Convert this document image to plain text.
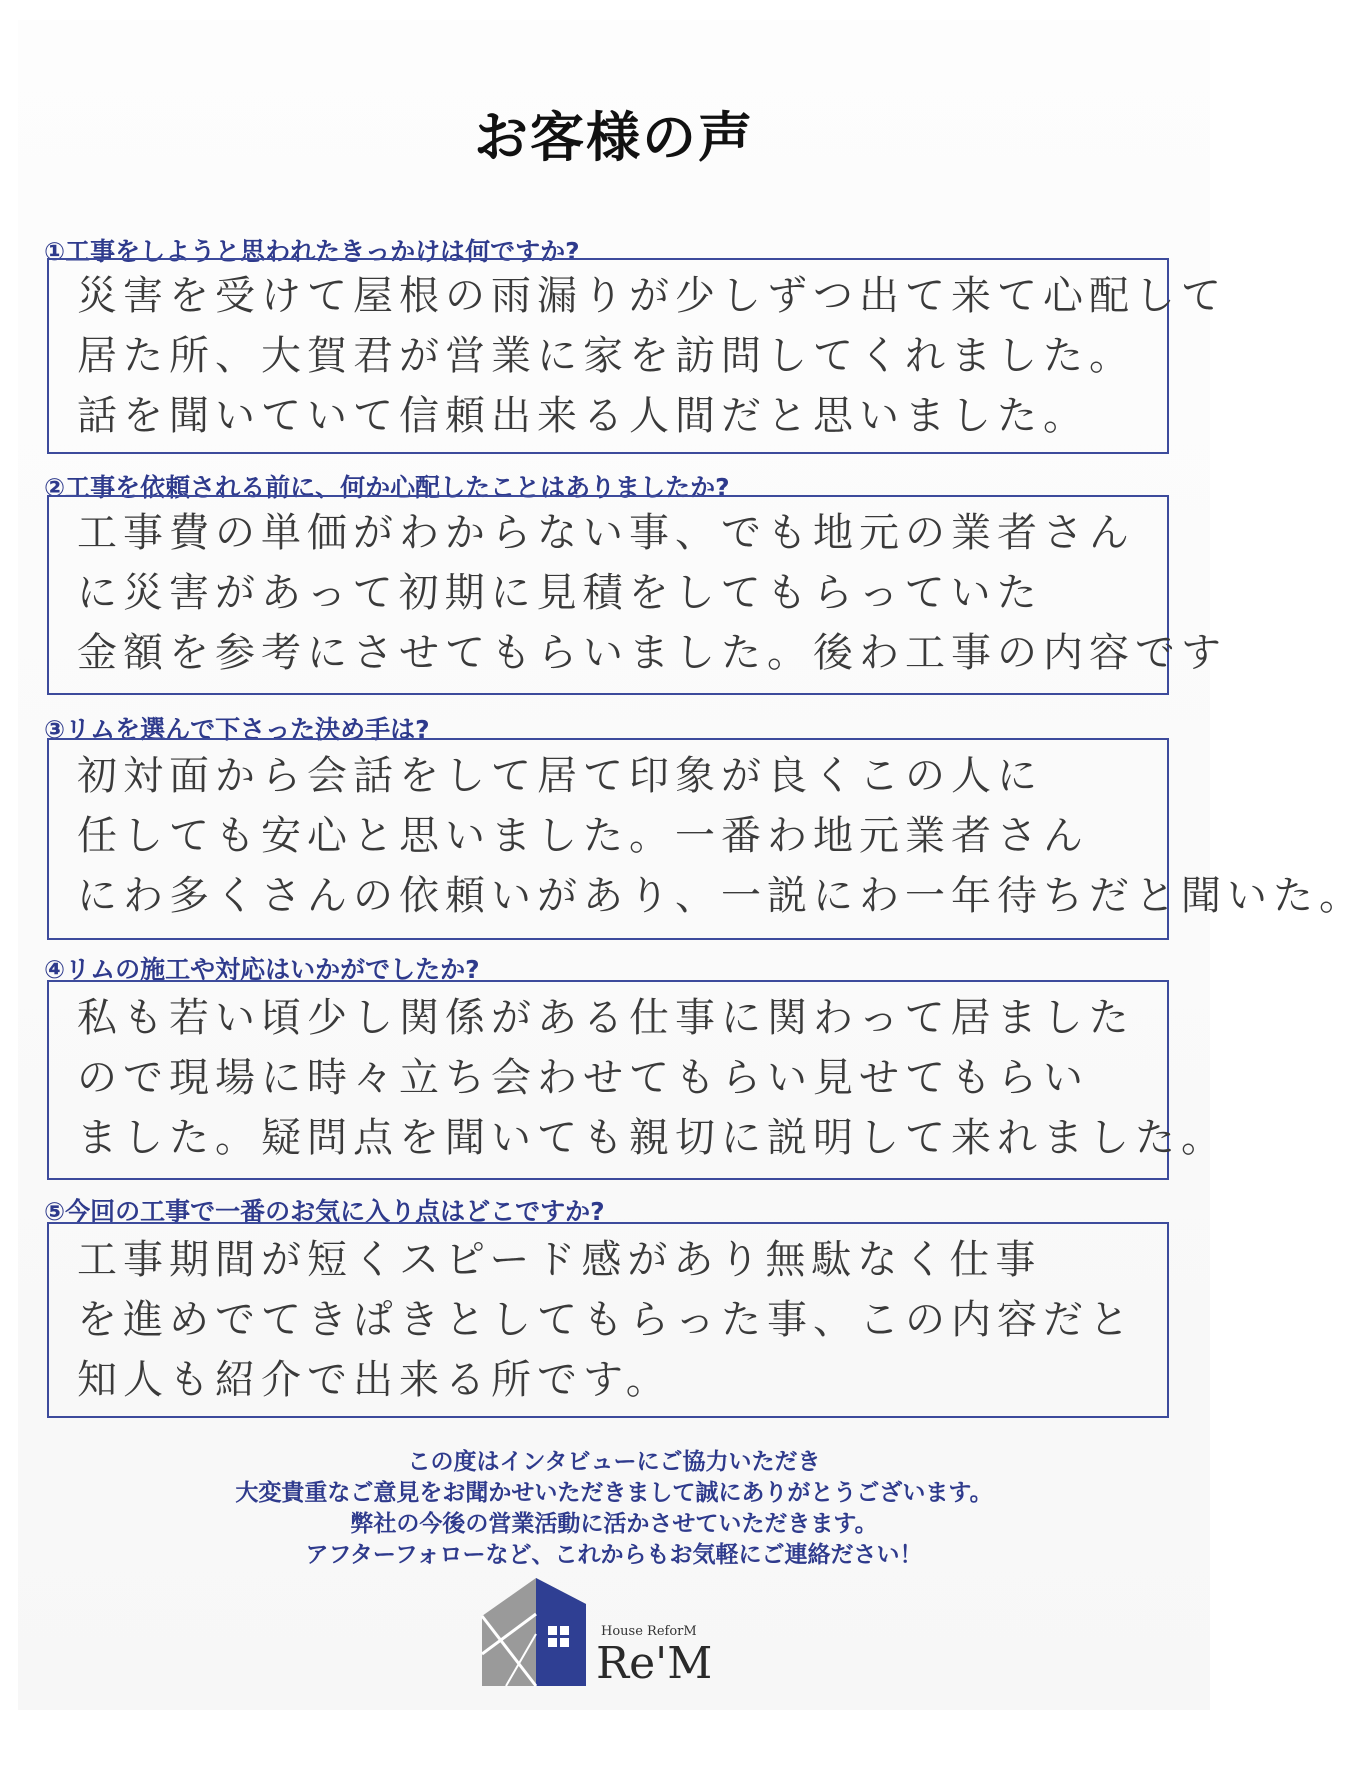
お客様の声
①工事をしようと思われたきっかけは何ですか?
災害を受けて屋根の雨漏りが少しずつ出て来て心配して
居た所、大賀君が営業に家を訪問してくれました。
話を聞いていて信頼出来る人間だと思いました。
②工事を依頼される前に、何か心配したことはありましたか?
工事費の単価がわからない事、でも地元の業者さん
に災害があって初期に見積をしてもらっていた
金額を参考にさせてもらいました。後わ工事の内容です
③リムを選んで下さった決め手は?
初対面から会話をして居て印象が良くこの人に
任しても安心と思いました。一番わ地元業者さん
にわ多くさんの依頼いがあり、一説にわ一年待ちだと聞いた。
④リムの施工や対応はいかがでしたか?
私も若い頃少し関係がある仕事に関わって居ました
ので現場に時々立ち会わせてもらい見せてもらい
ました。疑問点を聞いても親切に説明して来れました。
⑤今回の工事で一番のお気に入り点はどこですか?
工事期間が短くスピード感があり無駄なく仕事
を進めでてきぱきとしてもらった事、この内容だと
知人も紹介で出来る所です。
この度はインタビューにご協力いただき
大変貴重なご意見をお聞かせいただきまして誠にありがとうございます。
弊社の今後の営業活動に活かさせていただきます。
アフターフォローなど、これからもお気軽にご連絡ださい！
House ReforM
Re'M
